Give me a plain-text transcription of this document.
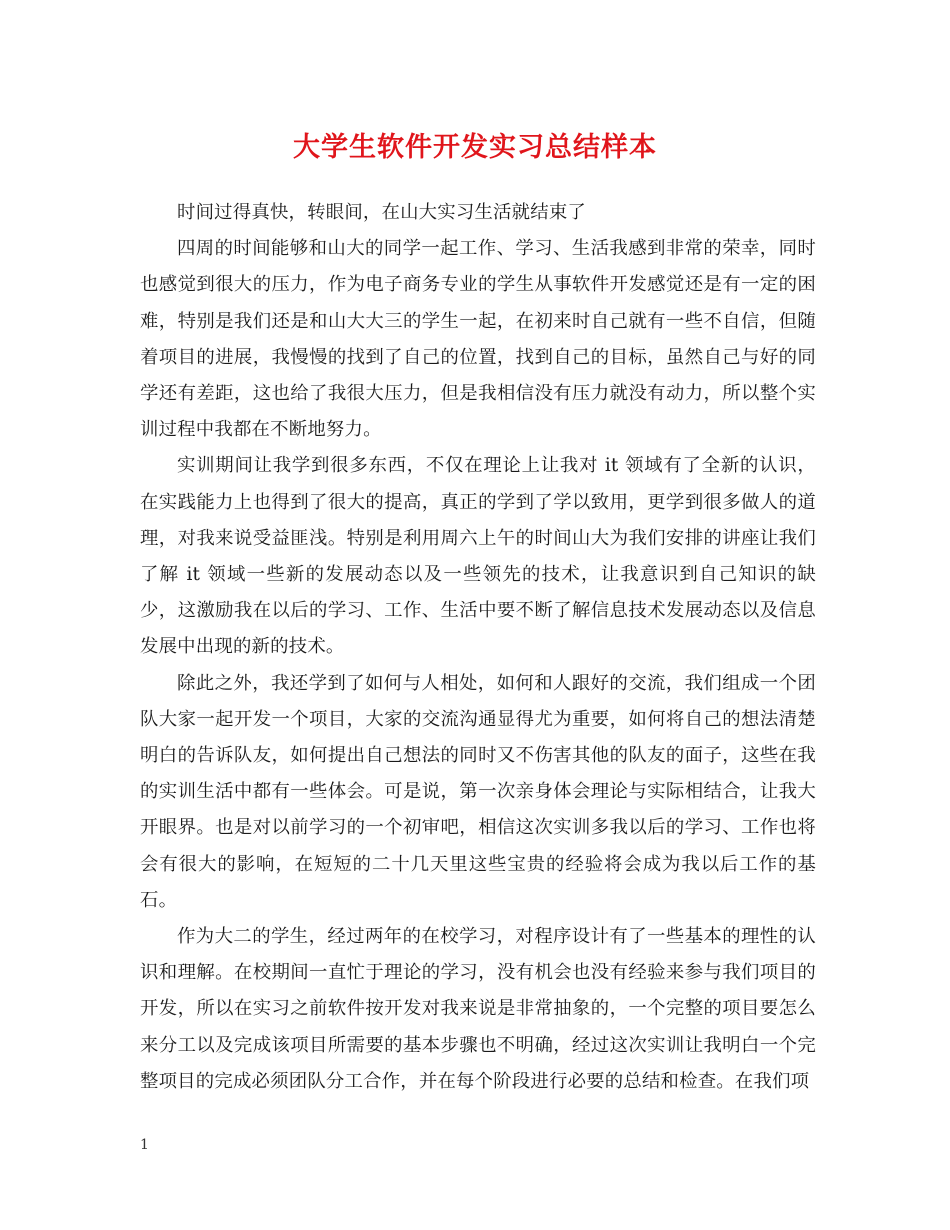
大学生软件开发实习总结样本

时间过得真快，转眼间，在山大实习生活就结束了

四周的时间能够和山大的同学一起工作、学习、生活我感到非常的荣幸，同时也感觉到很大的压力，作为电子商务专业的学生从事软件开发感觉还是有一定的困难，特别是我们还是和山大大三的学生一起，在初来时自己就有一些不自信，但随着项目的进展，我慢慢的找到了自己的位置，找到自己的目标，虽然自己与好的同学还有差距，这也给了我很大压力，但是我相信没有压力就没有动力，所以整个实训过程中我都在不断地努力。

实训期间让我学到很多东西，不仅在理论上让我对 it 领域有了全新的认识，在实践能力上也得到了很大的提高，真正的学到了学以致用，更学到很多做人的道理，对我来说受益匪浅。特别是利用周六上午的时间山大为我们安排的讲座让我们了解 it 领域一些新的发展动态以及一些领先的技术，让我意识到自己知识的缺少，这激励我在以后的学习、工作、生活中要不断了解信息技术发展动态以及信息发展中出现的新的技术。

除此之外，我还学到了如何与人相处，如何和人跟好的交流，我们组成一个团队大家一起开发一个项目，大家的交流沟通显得尤为重要，如何将自己的想法清楚明白的告诉队友，如何提出自己想法的同时又不伤害其他的队友的面子，这些在我的实训生活中都有一些体会。可是说，第一次亲身体会理论与实际相结合，让我大开眼界。也是对以前学习的一个初审吧，相信这次实训多我以后的学习、工作也将会有很大的影响，在短短的二十几天里这些宝贵的经验将会成为我以后工作的基石。

作为大二的学生，经过两年的在校学习，对程序设计有了一些基本的理性的认识和理解。在校期间一直忙于理论的学习，没有机会也没有经验来参与我们项目的开发，所以在实习之前软件按开发对我来说是非常抽象的，一个完整的项目要怎么来分工以及完成该项目所需要的基本步骤也不明确，经过这次实训让我明白一个完整项目的完成必须团队分工合作，并在每个阶段进行必要的总结和检查。在我们项

1
